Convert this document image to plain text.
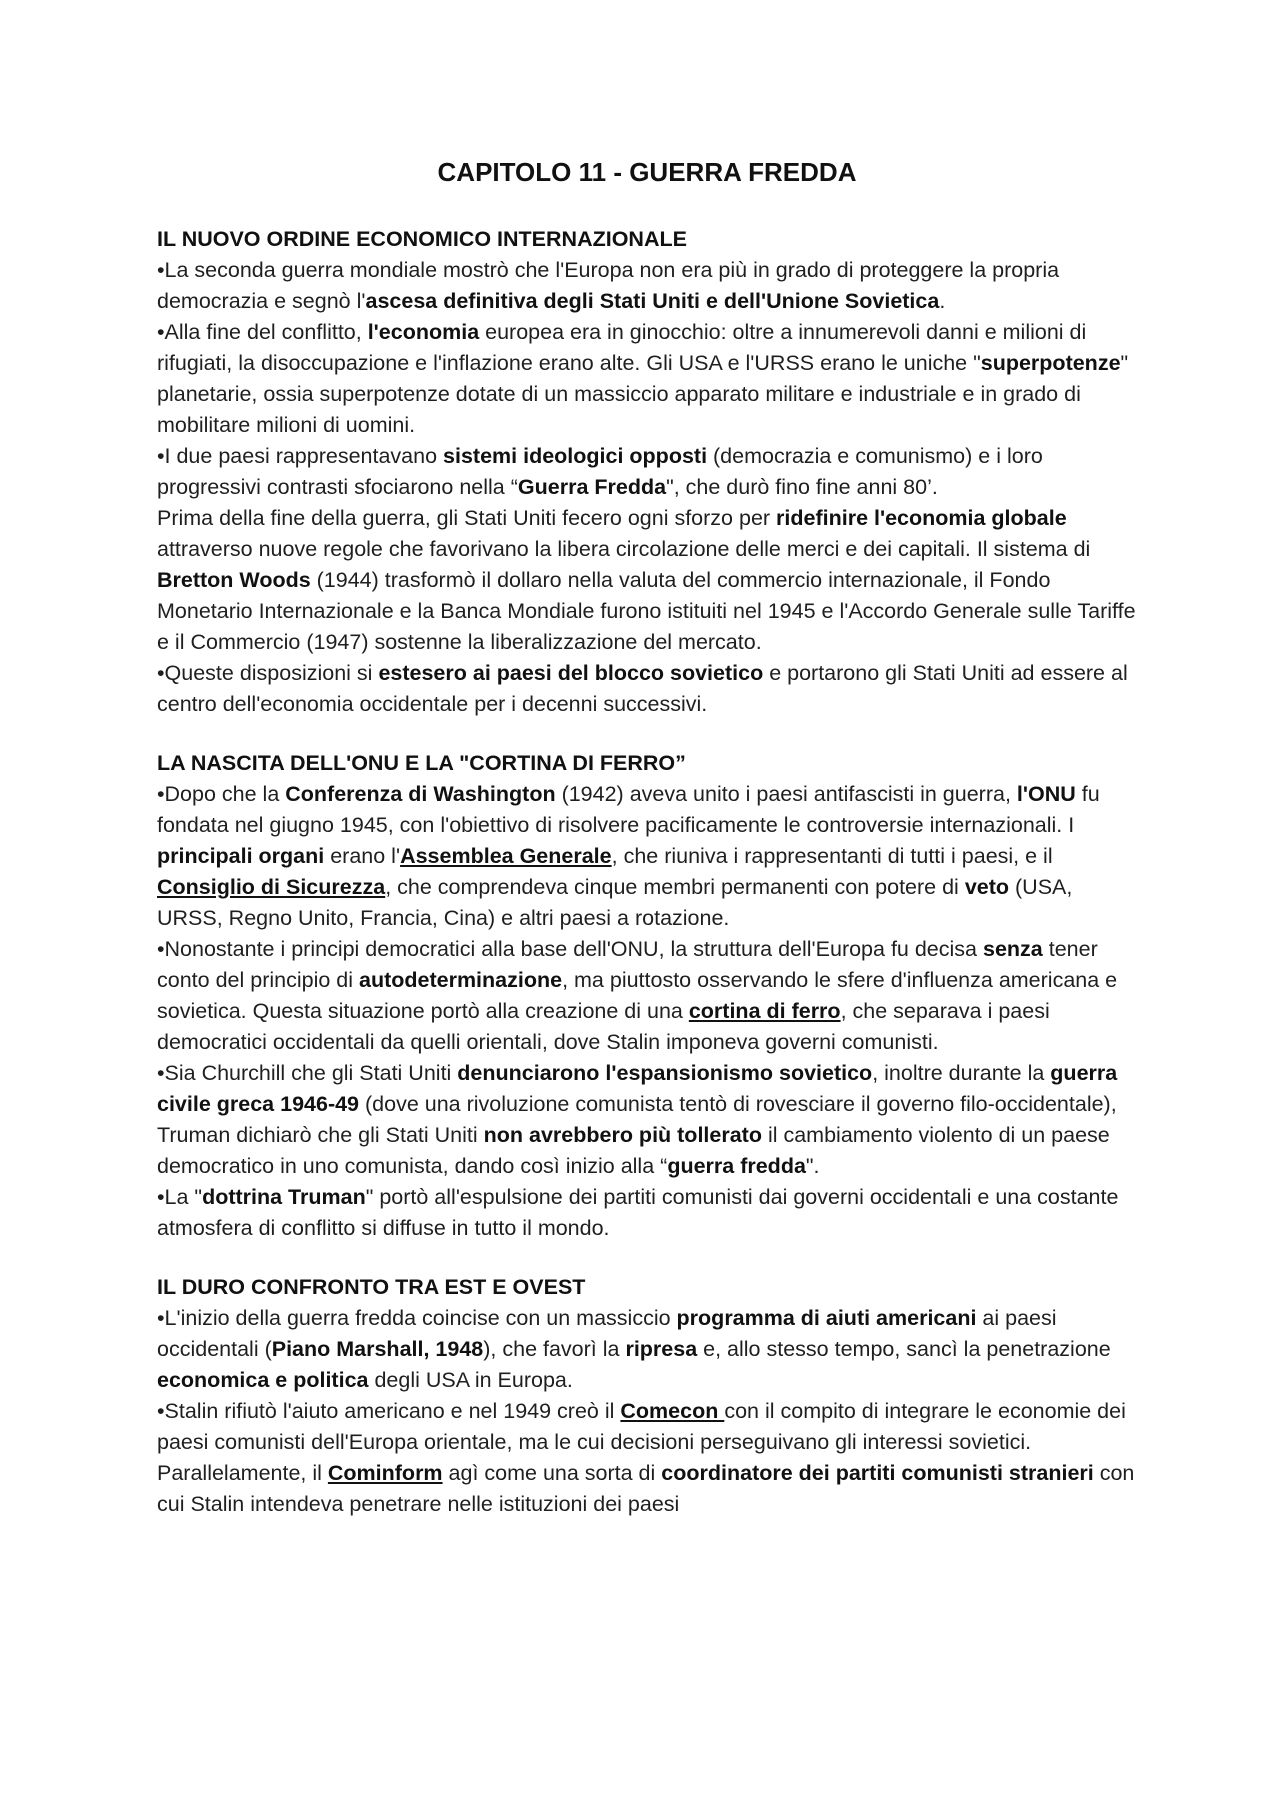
CAPITOLO 11 - GUERRA FREDDA
IL NUOVO ORDINE ECONOMICO INTERNAZIONALE

•La seconda guerra mondiale mostrò che l'Europa non era più in grado di proteggere la propria democrazia e segnò l'ascesa definitiva degli Stati Uniti e dell'Unione Sovietica.

•Alla fine del conflitto, l'economia europea era in ginocchio: oltre a innumerevoli danni e milioni di rifugiati, la disoccupazione e l'inflazione erano alte. Gli USA e l'URSS erano le uniche "superpotenze" planetarie, ossia superpotenze dotate di un massiccio apparato militare e industriale e in grado di mobilitare milioni di uomini.

•I due paesi rappresentavano sistemi ideologici opposti (democrazia e comunismo) e i loro progressivi contrasti sfociarono nella “Guerra Fredda", che durò fino fine anni 80’.

Prima della fine della guerra, gli Stati Uniti fecero ogni sforzo per ridefinire l'economia globale attraverso nuove regole che favorivano la libera circolazione delle merci e dei capitali. Il sistema di Bretton Woods (1944) trasformò il dollaro nella valuta del commercio internazionale, il Fondo Monetario Internazionale e la Banca Mondiale furono istituiti nel 1945 e l'Accordo Generale sulle Tariffe e il Commercio (1947) sostenne la liberalizzazione del mercato.

•Queste disposizioni si estesero ai paesi del blocco sovietico e portarono gli Stati Uniti ad essere al centro dell'economia occidentale per i decenni successivi.

LA NASCITA DELL'ONU E LA "CORTINA DI FERRO”

•Dopo che la Conferenza di Washington (1942) aveva unito i paesi antifascisti in guerra, l'ONU fu fondata nel giugno 1945, con l'obiettivo di risolvere pacificamente le controversie internazionali. I principali organi erano l'Assemblea Generale, che riuniva i rappresentanti di tutti i paesi, e il Consiglio di Sicurezza, che comprendeva cinque membri permanenti con potere di veto (USA, URSS, Regno Unito, Francia, Cina) e altri paesi a rotazione.

•Nonostante i principi democratici alla base dell'ONU, la struttura dell'Europa fu decisa senza tener conto del principio di autodeterminazione, ma piuttosto osservando le sfere d'influenza americana e sovietica. Questa situazione portò alla creazione di una cortina di ferro, che separava i paesi democratici occidentali da quelli orientali, dove Stalin imponeva governi comunisti.

•Sia Churchill che gli Stati Uniti denunciarono l'espansionismo sovietico, inoltre durante la guerra civile greca 1946-49 (dove una rivoluzione comunista tentò di rovesciare il governo filo-occidentale), Truman dichiarò che gli Stati Uniti non avrebbero più tollerato il cambiamento violento di un paese democratico in uno comunista, dando così inizio alla “guerra fredda".

•La "dottrina Truman" portò all'espulsione dei partiti comunisti dai governi occidentali e una costante atmosfera di conflitto si diffuse in tutto il mondo.

IL DURO CONFRONTO TRA EST E OVEST

•L'inizio della guerra fredda coincise con un massiccio programma di aiuti americani ai paesi occidentali (Piano Marshall, 1948), che favorì la ripresa e, allo stesso tempo, sancì la penetrazione economica e politica degli USA in Europa.

•Stalin rifiutò l'aiuto americano e nel 1949 creò il Comecon con il compito di integrare le economie dei paesi comunisti dell'Europa orientale, ma le cui decisioni perseguivano gli interessi sovietici. Parallelamente, il Cominform agì come una sorta di coordinatore dei partiti comunisti stranieri con cui Stalin intendeva penetrare nelle istituzioni dei paesi
